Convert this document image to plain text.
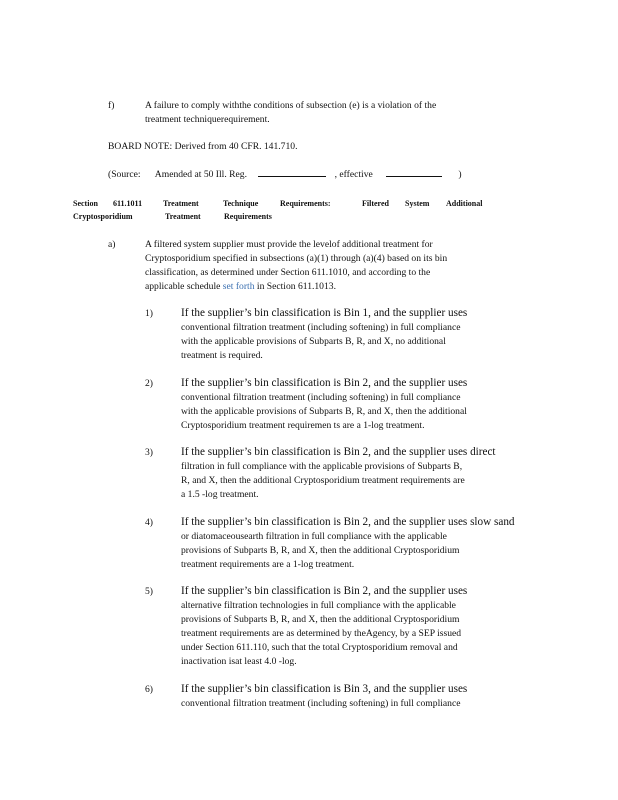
f)	A failure to comply withthe conditions of subsection (e) is a violation of the
treatment techniquerequirement.
BOARD NOTE: Derived from 40 CFR. 141.710.
(Source: Amended at 50 Ill. Reg.	, effective	)
Section 611.1011	Treatment	Technique	Requirements:	Filtered System Additional
Cryptosporidium	Treatment	Requirements
a)	A filtered system supplier must provide the levelof additional treatment for
Cryptosporidium specified in subsections (a)(1) through (a)(4) based on its bin
classification, as determined under Section 611.1010, and according to the
applicable schedule set forth in Section 611.1013.
1)	If the supplier’s bin classification is Bin 1, and the supplier uses
conventional filtration treatment (including softening) in full compliance
with the applicable provisions of Subparts B, R, and X, no additional
treatment is required.
2)	If the supplier’s bin classification is Bin 2, and the supplier uses
conventional filtration treatment (including softening) in full compliance
with the applicable provisions of Subparts B, R, and X, then the additional
Cryptosporidium treatment requiremen ts are a 1-log treatment.
3)	If the supplier’s bin classification is Bin 2, and the supplier uses direct
filtration in full compliance with the applicable provisions of Subparts B,
R, and X, then the additional Cryptosporidium treatment requirements are
a 1.5 -log treatment.
4)	If the supplier’s bin classification is Bin 2, and the supplier uses slow sand
or diatomaceousearth filtration in full compliance with the applicable
provisions of Subparts B, R, and X, then the additional Cryptosporidium
treatment requirements are a 1-log treatment.
5)	If the supplier’s bin classification is Bin 2, and the supplier uses
alternative filtration technologies in full compliance with the applicable
provisions of Subparts B, R, and X, then the additional Cryptosporidium
treatment requirements are as determined by theAgency, by a SEP issued
under Section 611.110, such that the total Cryptosporidium removal and
inactivation isat least 4.0 -log.
6)	If the supplier’s bin classification is Bin 3, and the supplier uses
conventional filtration treatment (including softening) in full compliance
